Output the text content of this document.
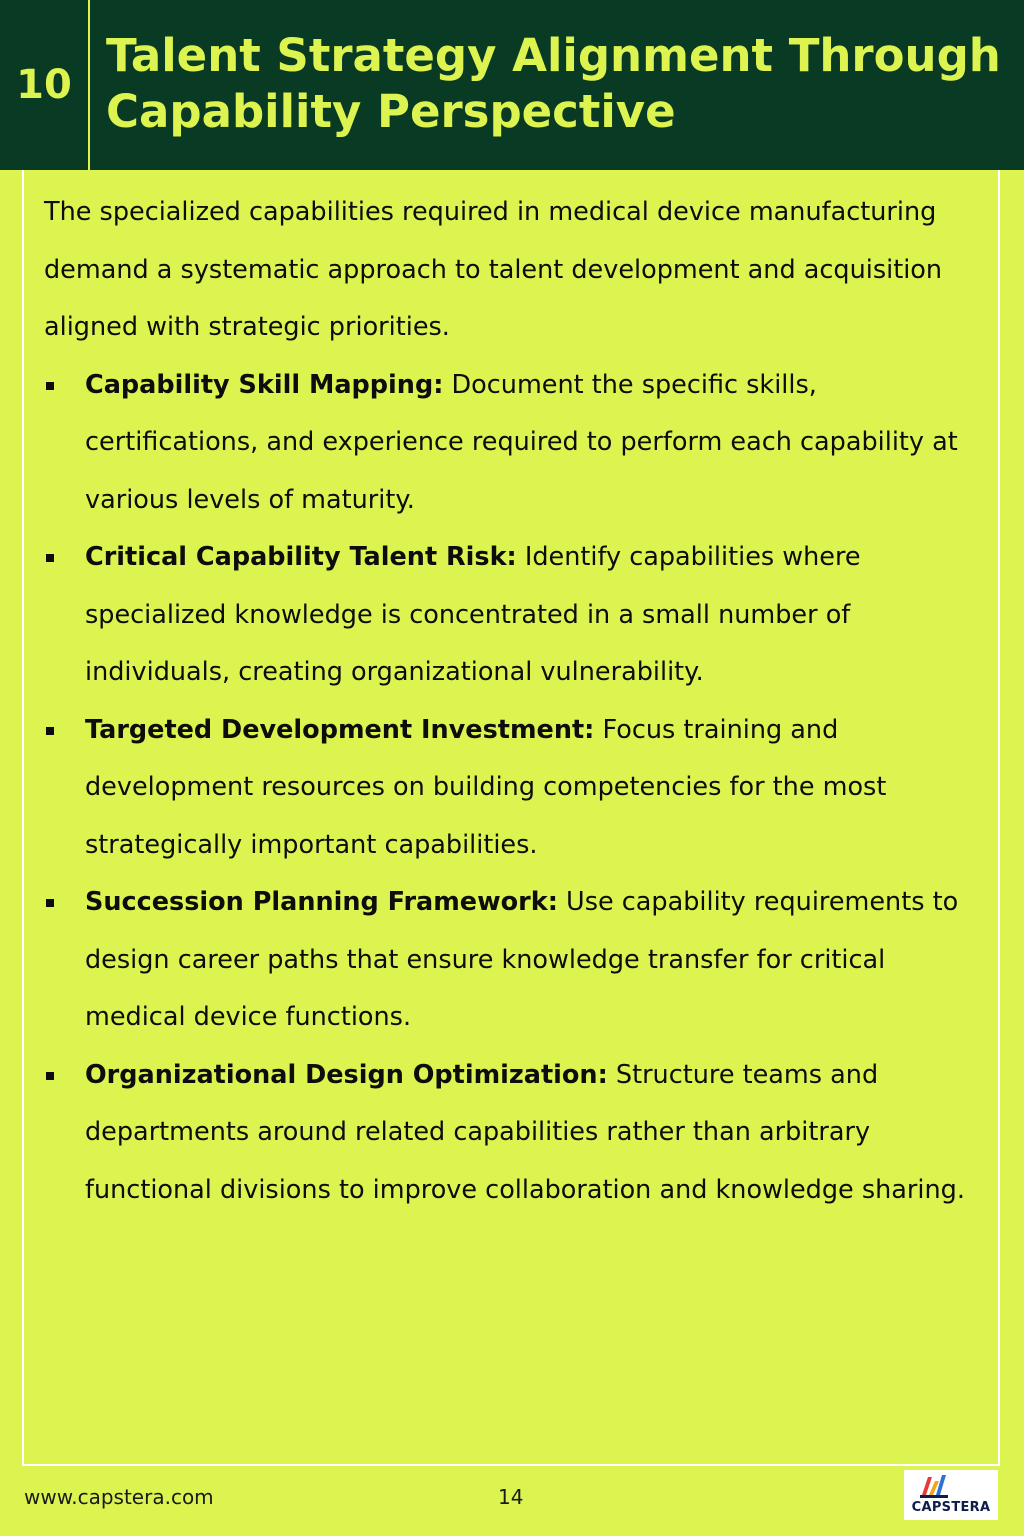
10
Talent Strategy Alignment Through Capability Perspective

The specialized capabilities required in medical device manufacturing demand a systematic approach to talent development and acquisition aligned with strategic priorities.

Capability Skill Mapping: Document the specific skills, certifications, and experience required to perform each capability at various levels of maturity.
Critical Capability Talent Risk: Identify capabilities where specialized knowledge is concentrated in a small number of individuals, creating organizational vulnerability.
Targeted Development Investment: Focus training and development resources on building competencies for the most strategically important capabilities.
Succession Planning Framework: Use capability requirements to design career paths that ensure knowledge transfer for critical medical device functions.
Organizational Design Optimization: Structure teams and departments around related capabilities rather than arbitrary functional divisions to improve collaboration and knowledge sharing.
www.capstera.com	14	CAPSTERA
